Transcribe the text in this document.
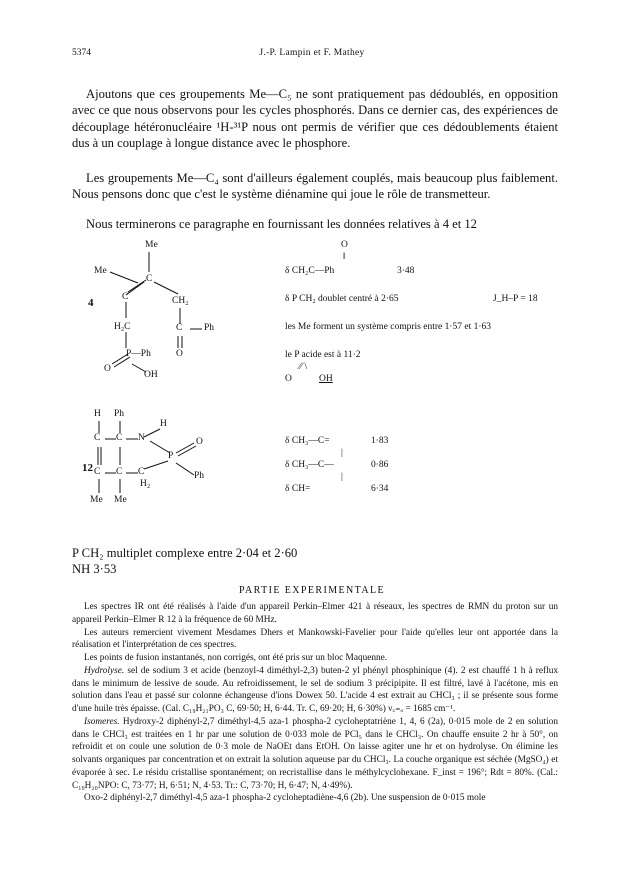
5374	J.-P. Lampin et F. Mathey

Ajoutons que ces groupements Me—C₅ ne sont pratiquement pas dédoublés, en opposition avec ce que nous observons pour les cycles phosphorés. Dans ce dernier cas, des expériences de découplage hétéronucléaire ¹H-³¹P nous ont permis de vérifier que ces dédoublements étaient dus à un couplage à longue distance avec le phosphore.

Les groupements Me—C₄ sont d'ailleurs également couplés, mais beaucoup plus faiblement. Nous pensons donc que c'est le système diénamine qui joue le rôle de transmetteur.

Nous terminerons ce paragraphe en fournissant les données relatives à 4 et 12

Me
Me
C
C	CH₂
H₂C	C Ph
O
P—Ph
O
OH
4
O
‖
δ CH₂C—Ph	3·48
δ P CH₂ doublet centré à 2·65	J_H–P = 18
les Me forment un système compris entre 1·57 et 1·63
le P acide est à 11·2
⁄⁄ \
O	OH
H Ph
C C N
H
P
O
Ph
C C C
H₂
Me Me
12
δ CH₃—C=	1·83
|
δ CH₃—C—	0·86
|
δ CH=	6·34
P CH₂ multiplet complexe entre 2·04 et 2·60
NH 3·53
PARTIE EXPERIMENTALE

Les spectres IR ont été réalisés à l'aide d'un appareil Perkin–Elmer 421 à réseaux, les spectres de RMN du proton sur un appareil Perkin–Elmer R 12 à la fréquence de 60 MHz.

Les auteurs remercient vivement Mesdames Dhers et Mankowski-Favelier pour l'aide qu'elles leur ont apportée dans la réalisation et l'interprétation de ces spectres.

Les points de fusion instantanés, non corrigés, ont été pris sur un bloc Maquenne.

Hydrolyse. sel de sodium 3 et acide (benzoyl-4 diméthyl-2,3) buten-2 yl phényl phosphinique (4). 2 est chauffé 1 h à reflux dans le minimum de lessive de soude. Au refroidissement, le sel de sodium 3 précipipite. Il est filtré, lavé à l'acétone, mis en solution dans l'eau et passé sur colonne échangeuse d'ions Dowex 50. L'acide 4 est extrait au CHCl₃ ; il se présente sous forme d'une huile très épaisse. (Cal. C₁₉H₂₁PO₃ C, 69·50; H, 6·44. Tr. C, 69·20; H, 6·30%) ν꜀₌ₒ = 1685 cm⁻¹.

Isomeres. Hydroxy-2 diphényl-2,7 diméthyl-4,5 aza-1 phospha-2 cycloheptatriène 1, 4, 6 (2a), 0·015 mole de 2 en solution dans le CHCl₃ est traitées en 1 hr par une solution de 0·033 mole de PCl₅ dans le CHCl₃. On chauffe ensuite 2 hr à 50°, on refroidit et on coule une solution de 0·3 mole de NaOEt dans EtOH. On laisse agiter une hr et on hydrolyse. On élimine les solvants organiques par concentration et on extrait la solution aqueuse par du CHCl₃. La couche organique est séchée (MgSO₄) et évaporée à sec. Le résidu cristallise spontanément; on recristallise dans le méthylcyclohexane. F_inst = 196°; Rdt = 80%. (Cal.: C₁₉H₂₀NPO: C, 73·77; H, 6·51; N, 4·53. Tr.: C, 73·70; H, 6·47; N, 4·49%).

Oxo-2 diphényl-2,7 diméthyl-4,5 aza-1 phospha-2 cycloheptadiène-4,6 (2b). Une suspension de 0·015 mole
